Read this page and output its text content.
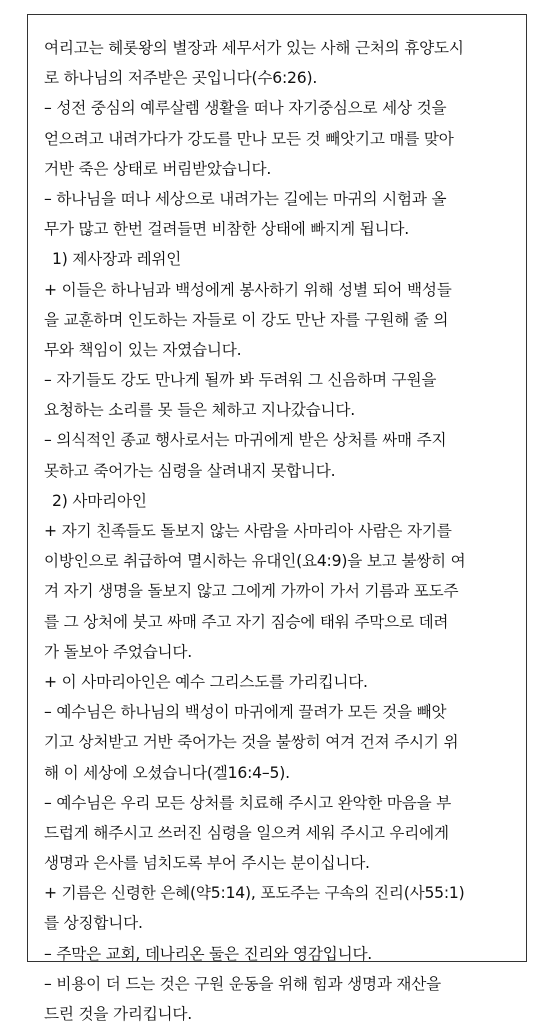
여리고는 헤롯왕의 별장과 세무서가 있는 사해 근처의 휴양도시
로 하나님의 저주받은 곳입니다(수6:26).
– 성전 중심의 예루살렘 생활을 떠나 자기중심으로 세상 것을
얻으려고 내려가다가 강도를 만나 모든 것 빼앗기고 매를 맞아
거반 죽은 상태로 버림받았습니다.
– 하나님을 떠나 세상으로 내려가는 길에는 마귀의 시험과 올
무가 많고 한번 걸려들면 비참한 상태에 빠지게 됩니다.
1) 제사장과 레위인
+ 이들은 하나님과 백성에게 봉사하기 위해 성별 되어 백성들
을 교훈하며 인도하는 자들로 이 강도 만난 자를 구원해 줄 의
무와 책임이 있는 자였습니다.
– 자기들도 강도 만나게 될까 봐 두려워 그 신음하며 구원을
요청하는 소리를 못 들은 체하고 지나갔습니다.
– 의식적인 종교 행사로서는 마귀에게 받은 상처를 싸매 주지
못하고 죽어가는 심령을 살려내지 못합니다.
2) 사마리아인
+ 자기 친족들도 돌보지 않는 사람을 사마리아 사람은 자기를
이방인으로 취급하여 멸시하는 유대인(요4:9)을 보고 불쌍히 여
겨 자기 생명을 돌보지 않고 그에게 가까이 가서 기름과 포도주
를 그 상처에 붓고 싸매 주고 자기 짐승에 태워 주막으로 데려
가 돌보아 주었습니다.
+ 이 사마리아인은 예수 그리스도를 가리킵니다.
– 예수님은 하나님의 백성이 마귀에게 끌려가 모든 것을 빼앗
기고 상처받고 거반 죽어가는 것을 불쌍히 여겨 건져 주시기 위
해 이 세상에 오셨습니다(겔16:4–5).
– 예수님은 우리 모든 상처를 치료해 주시고 완악한 마음을 부
드럽게 해주시고 쓰러진 심령을 일으켜 세워 주시고 우리에게
생명과 은사를 넘치도록 부어 주시는 분이십니다.
+ 기름은 신령한 은혜(약5:14), 포도주는 구속의 진리(사55:1)
를 상징합니다.
– 주막은 교회, 데나리온 둘은 진리와 영감입니다.
– 비용이 더 드는 것은 구원 운동을 위해 힘과 생명과 재산을
드린 것을 가리킵니다.
